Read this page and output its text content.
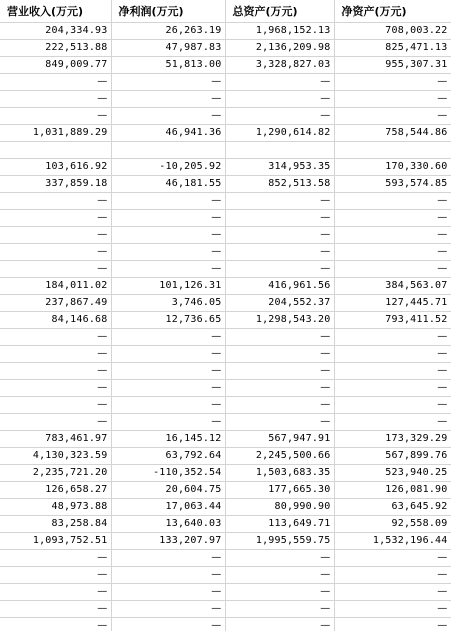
营业收入(万元)	净利润(万元)	总资产(万元)	净资产(万元)
204,334.93	26,263.19	1,968,152.13	708,003.22
222,513.88	47,987.83	2,136,209.98	825,471.13
849,009.77	51,813.00	3,328,827.03	955,307.31
—	—	—	—
—	—	—	—
—	—	—	—
1,031,889.29	46,941.36	1,290,614.82	758,544.86

103,616.92	-10,205.92	314,953.35	170,330.60
337,859.18	46,181.55	852,513.58	593,574.85
—	—	—	—
—	—	—	—
—	—	—	—
—	—	—	—
—	—	—	—
184,011.02	101,126.31	416,961.56	384,563.07
237,867.49	3,746.05	204,552.37	127,445.71
84,146.68	12,736.65	1,298,543.20	793,411.52
—	—	—	—
—	—	—	—
—	—	—	—
—	—	—	—
—	—	—	—
—	—	—	—
783,461.97	16,145.12	567,947.91	173,329.29
4,130,323.59	63,792.64	2,245,500.66	567,899.76
2,235,721.20	-110,352.54	1,503,683.35	523,940.25
126,658.27	20,604.75	177,665.30	126,081.90
48,973.88	17,063.44	80,990.90	63,645.92
83,258.84	13,640.03	113,649.71	92,558.09
1,093,752.51	133,207.97	1,995,559.75	1,532,196.44
—	—	—	—
—	—	—	—
—	—	—	—
—	—	—	—
—	—	—	—
